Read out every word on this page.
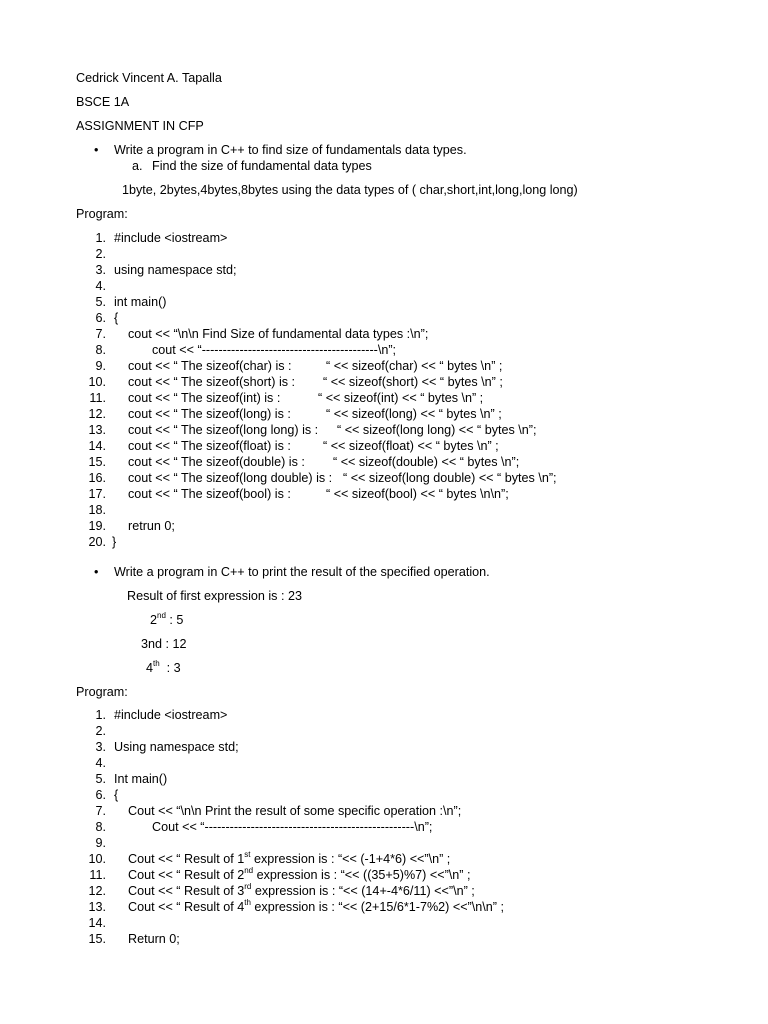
Cedrick Vincent A. Tapalla
BSCE 1A
ASSIGNMENT IN CFP
• Write a program in C++ to find size of fundamentals data types.
a. Find the size of fundamental data types
1byte, 2bytes,4bytes,8bytes using the data types of ( char,short,int,long,long long)
Program:
1. #include <iostream>
2.
3. using namespace std;
4.
5. int main()
6. {
7. cout << “\n\n Find Size of fundamental data types :\n”;
8.	cout << “------------------------------------------\n”;
9. cout << “ The sizeof(char) is :	“ << sizeof(char) << “ bytes \n” ;
10. cout << “ The sizeof(short) is : “ << sizeof(short) << “ bytes \n” ;
11. cout << “ The sizeof(int) is :	“ << sizeof(int) << “ bytes \n” ;
12. cout << “ The sizeof(long) is :	“ << sizeof(long) << “ bytes \n” ;
13. cout << “ The sizeof(long long) is : “ << sizeof(long long) << “ bytes \n”;
14. cout << “ The sizeof(float) is :	“ << sizeof(float) << “ bytes \n” ;
15. cout << “ The sizeof(double) is : “ << sizeof(double) << “ bytes \n”;
16. cout << “ The sizeof(long double) is : “ << sizeof(long double) << “ bytes \n”;
17. cout << “ The sizeof(bool) is :	“ << sizeof(bool) << “ bytes \n\n”;
18.
19. retrun 0;
20. }
• Write a program in C++ to print the result of the specified operation.
Result of first expression is : 23
2nd : 5
3nd : 12
4th  : 3
Program:
1. #include <iostream>
2.
3. Using namespace std;
4.
5. Int main()
6. {
7. Cout << “\n\n Print the result of some specific operation :\n”;
8.	Cout << “--------------------------------------------------\n”;
9.
10. Cout << “ Result of 1st expression is : “<< (-1+4*6) <<”\n” ;
11. Cout << “ Result of 2nd expression is : “<< ((35+5)%7) <<”\n” ;
12. Cout << “ Result of 3rd expression is : “<< (14+-4*6/11) <<”\n” ;
13. Cout << “ Result of 4th expression is : “<< (2+15/6*1-7%2) <<”\n\n” ;
14.
15. Return 0;
